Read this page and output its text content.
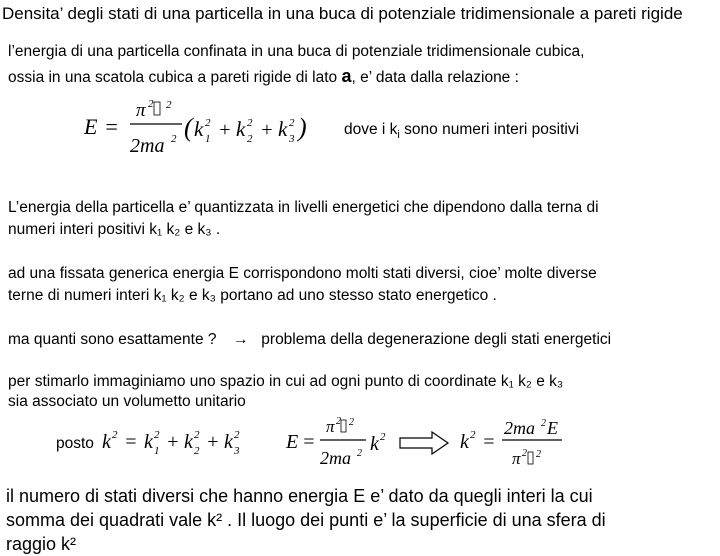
Densita’ degli stati di una particella in una buca di potenziale tridimensionale a pareti rigide
l’energia di una particella confinata in una buca di potenziale tridimensionale cubica,
ossia in una scatola cubica a pareti rigide di lato a, e’ data dalla relazione :
E =
π 2 2
2ma 2 ( k 2
1 + k 2
2 + k 2
3 ) dove i $k_i$ sono numeri interi positivi
L’energia della particella e’ quantizzata in livelli energetici che dipendono dalla terna di
numeri interi positivi k₁ k₂ e k₃ .
ad una fissata generica energia E corrispondono molti stati diversi, cioe’ molte diverse
terne di numeri interi k₁ k₂ e k₃ portano ad uno stesso stato energetico .
ma quanti sono esattamente ? → problema della degenerazione degli stati energetici
per stimarlo immaginiamo uno spazio in cui ad ogni punto di coordinate k₁ k₂ e k₃
sia associato un volumetto unitario
posto k 2 = k 2
1 + k 2
2 + k 2
3 E =
π 2 2
2ma 2 k 2	k 2 =
2ma 2 E
π 2 2
il numero di stati diversi che hanno energia E e’ dato da quegli interi la cui
somma dei quadrati vale k² . Il luogo dei punti e’ la superficie di una sfera di
raggio k²
